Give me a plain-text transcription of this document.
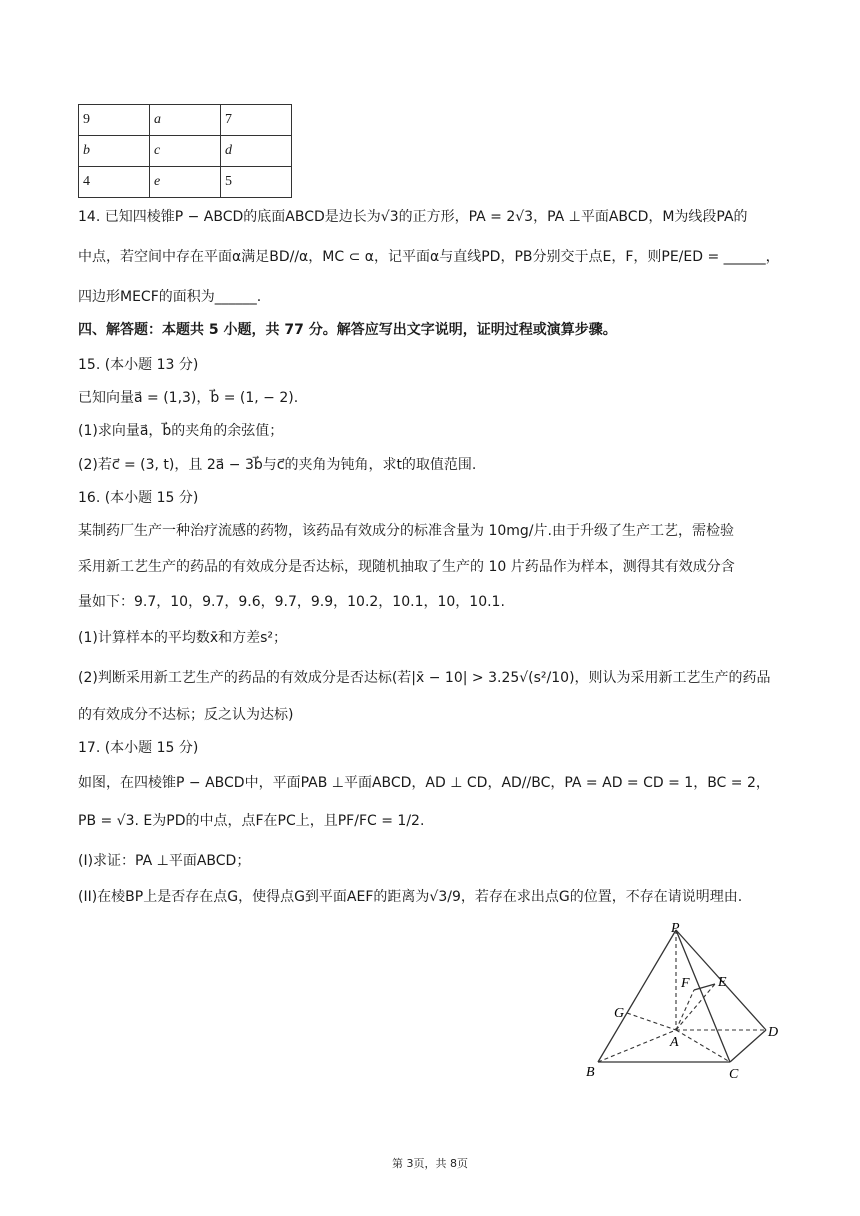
9	a	7
b	c	d
4	e	5
14. 已知四棱锥P − ABCD的底面ABCD是边长为√3的正方形，PA = 2√3，PA ⊥平面ABCD，M为线段PA的
中点，若空间中存在平面α满足BD//α，MC ⊂ α，记平面α与直线PD，PB分别交于点E，F，则PE/ED = ______，
四边形MECF的面积为______.
四、解答题：本题共 5 小题，共 77 分。解答应写出文字说明，证明过程或演算步骤。
15. (本小题 13 分)
已知向量a⃗ = (1,3)，b⃗ = (1, − 2).
(1)求向量a⃗，b⃗的夹角的余弦值；
(2)若c⃗ = (3, t)，且 2a⃗ − 3b⃗与c⃗的夹角为钝角，求t的取值范围.
16. (本小题 15 分)
某制药厂生产一种治疗流感的药物，该药品有效成分的标准含量为 10mg/片.由于升级了生产工艺，需检验
采用新工艺生产的药品的有效成分是否达标，现随机抽取了生产的 10 片药品作为样本，测得其有效成分含
量如下：9.7，10，9.7，9.6，9.7，9.9，10.2，10.1，10，10.1.
(1)计算样本的平均数x̄和方差s²；
(2)判断采用新工艺生产的药品的有效成分是否达标(若|x̄ − 10| > 3.25√(s²/10)，则认为采用新工艺生产的药品
的有效成分不达标；反之认为达标)
17. (本小题 15 分)
如图，在四棱锥P − ABCD中，平面PAB ⊥平面ABCD，AD ⊥ CD，AD//BC，PA = AD = CD = 1，BC = 2，
PB = √3. E为PD的中点，点F在PC上，且PF/FC = 1/2.
(I)求证：PA ⊥平面ABCD；
(II)在棱BP上是否存在点G，使得点G到平面AEF的距离为√3/9，若存在求出点G的位置，不存在请说明理由.
P
F E
G
A
D
B	C
第 3页，共 8页
